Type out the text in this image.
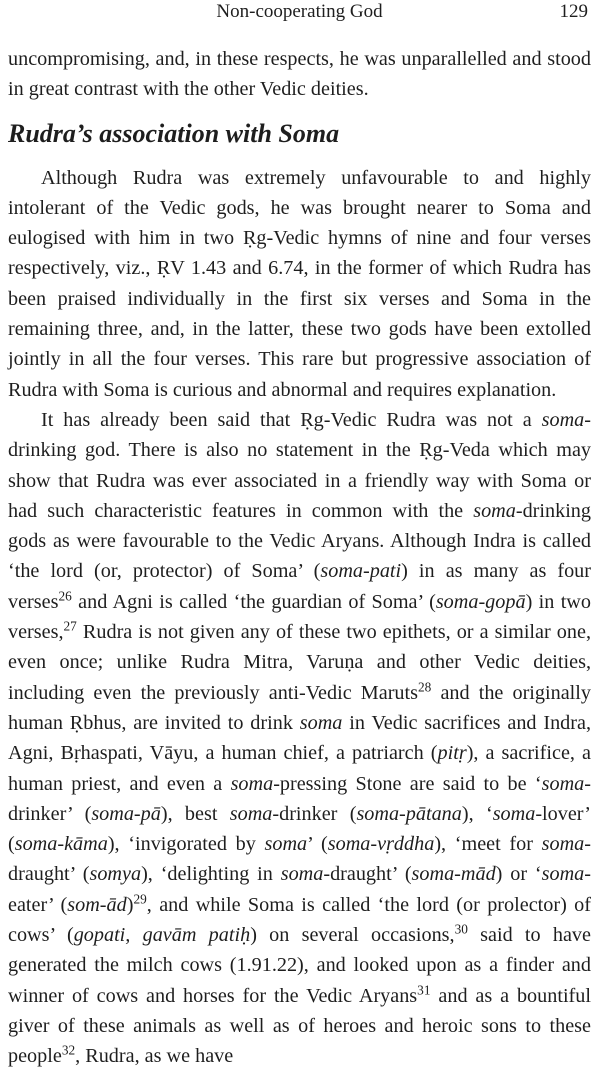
Non-cooperating God	129

uncompromising, and, in these respects, he was unparallelled and stood in great contrast with the other Vedic deities.

Rudra’s association with Soma

Although Rudra was extremely unfavourable to and highly intolerant of the Vedic gods, he was brought nearer to Soma and eulogised with him in two Ṛg-Vedic hymns of nine and four verses respectively, viz., ṚV 1.43 and 6.74, in the former of which Rudra has been praised individually in the first six verses and Soma in the remaining three, and, in the latter, these two gods have been extolled jointly in all the four verses. This rare but progressive association of Rudra with Soma is curious and abnormal and requires explanation.

It has already been said that Ṛg-Vedic Rudra was not a soma-drinking god. There is also no statement in the Ṛg-Veda which may show that Rudra was ever associated in a friendly way with Soma or had such characteristic features in common with the soma-drinking gods as were favourable to the Vedic Aryans. Although Indra is called ‘the lord (or, protector) of Soma’ (soma-​pati) in as many as four verses$^{26}$ and Agni is called ‘the guardian of Soma’ (soma-gopā) in two verses,$^{27}$ Rudra is not given any of these two epithets, or a similar one, even once; unlike Rudra Mitra, Varuṇa and other Vedic deities, including even the previously anti-Vedic Maruts$^{28}$ and the originally human Ṛbhus, are invited to drink soma in Vedic sacrifices and Indra, Agni, Bṛhaspati, Vāyu, a human chief, a patriarch (pitṛ), a sacrifice, a human priest, and even a soma-pressing Stone are said to be ‘soma-​drinker’ (soma-pā), best soma-drinker (soma-pātana), ‘soma-lover’ (soma-kāma), ‘invigorated by soma’ (soma-vṛddha), ‘meet for soma-​draught’ (somya), ‘delighting in soma-draught’ (soma-mād) or ‘soma-eater’ (som-ād)$^{29}$, and while Soma is called ‘the lord (or prolector) of cows’ (gopati, gavām patiḥ) on several occasions,$^{30}$ said to have generated the milch cows (1.91.22), and looked upon as a finder and winner of cows and horses for the Vedic Aryans$^{31}$ and as a bountiful giver of these animals as well as of heroes and heroic sons to these people$^{32}$, Rudra, as we have
